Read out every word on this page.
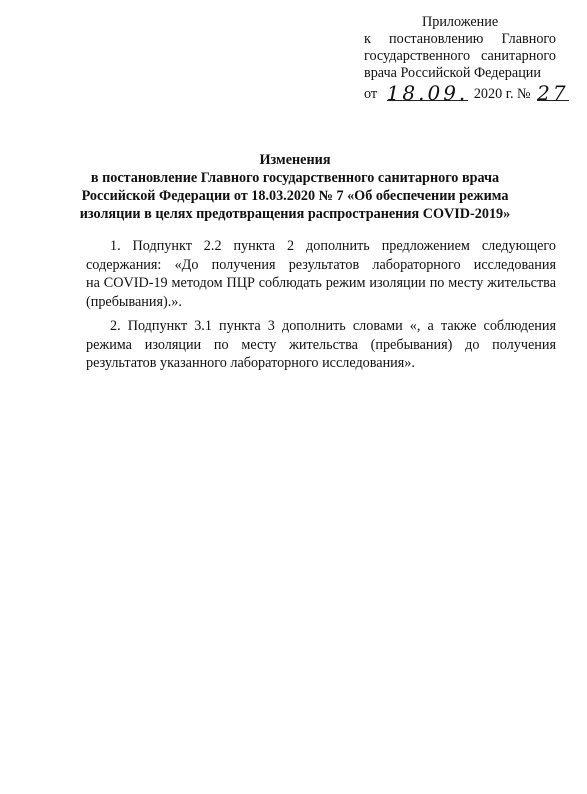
Приложение
к постановлению Главного
государственного санитарного
врача Российской Федерации
от 18.09. 2020 г. № 27
Изменения
в постановление Главного государственного санитарного врача
Российской Федерации от 18.03.2020 № 7 «Об обеспечении режима
изоляции в целях предотвращения распространения COVID-2019»
1. Подпункт 2.2 пункта 2 дополнить предложением следующего
содержания: «До получения результатов лабораторного исследования
на COVID-19 методом ПЦР соблюдать режим изоляции по месту жительства
(пребывания).».
2. Подпункт 3.1 пункта 3 дополнить словами «, а также соблюдения
режима изоляции по месту жительства (пребывания) до получения
результатов указанного лабораторного исследования».
